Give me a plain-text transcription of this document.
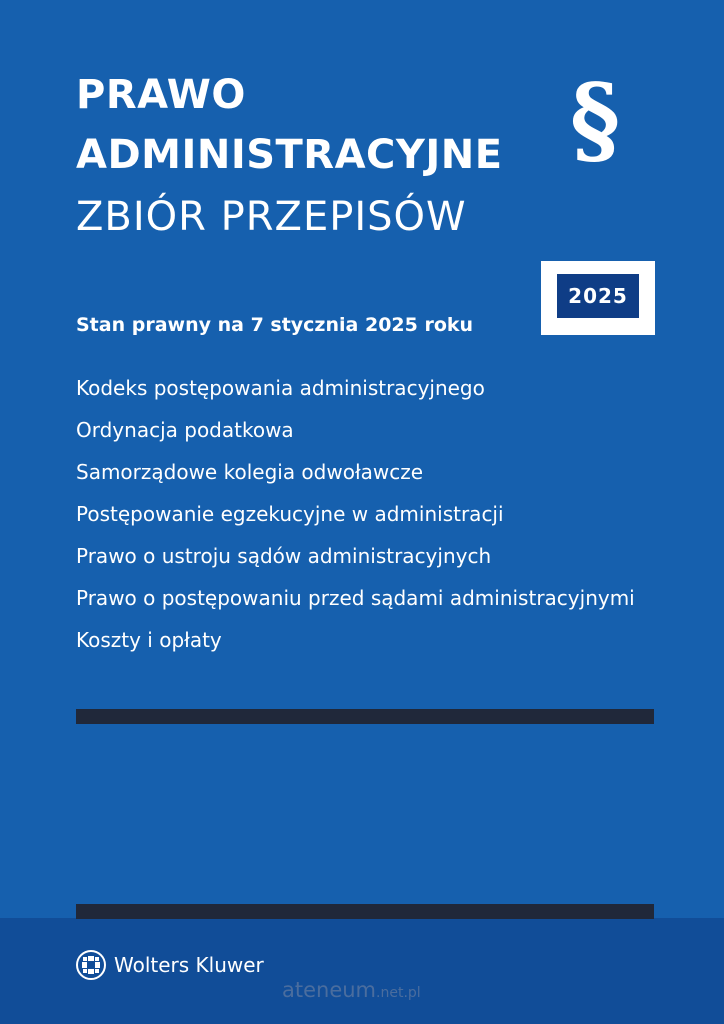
PRAWO
ADMINISTRACYJNE
ZBIÓR PRZEPISÓW
§
2025
Stan prawny na 7 stycznia 2025 roku
Kodeks postępowania administracyjnego
Ordynacja podatkowa
Samorządowe kolegia odwoławcze
Postępowanie egzekucyjne w administracji
Prawo o ustroju sądów administracyjnych
Prawo o postępowaniu przed sądami administracyjnymi
Koszty i opłaty
Wolters Kluwer
ateneum.net.pl
